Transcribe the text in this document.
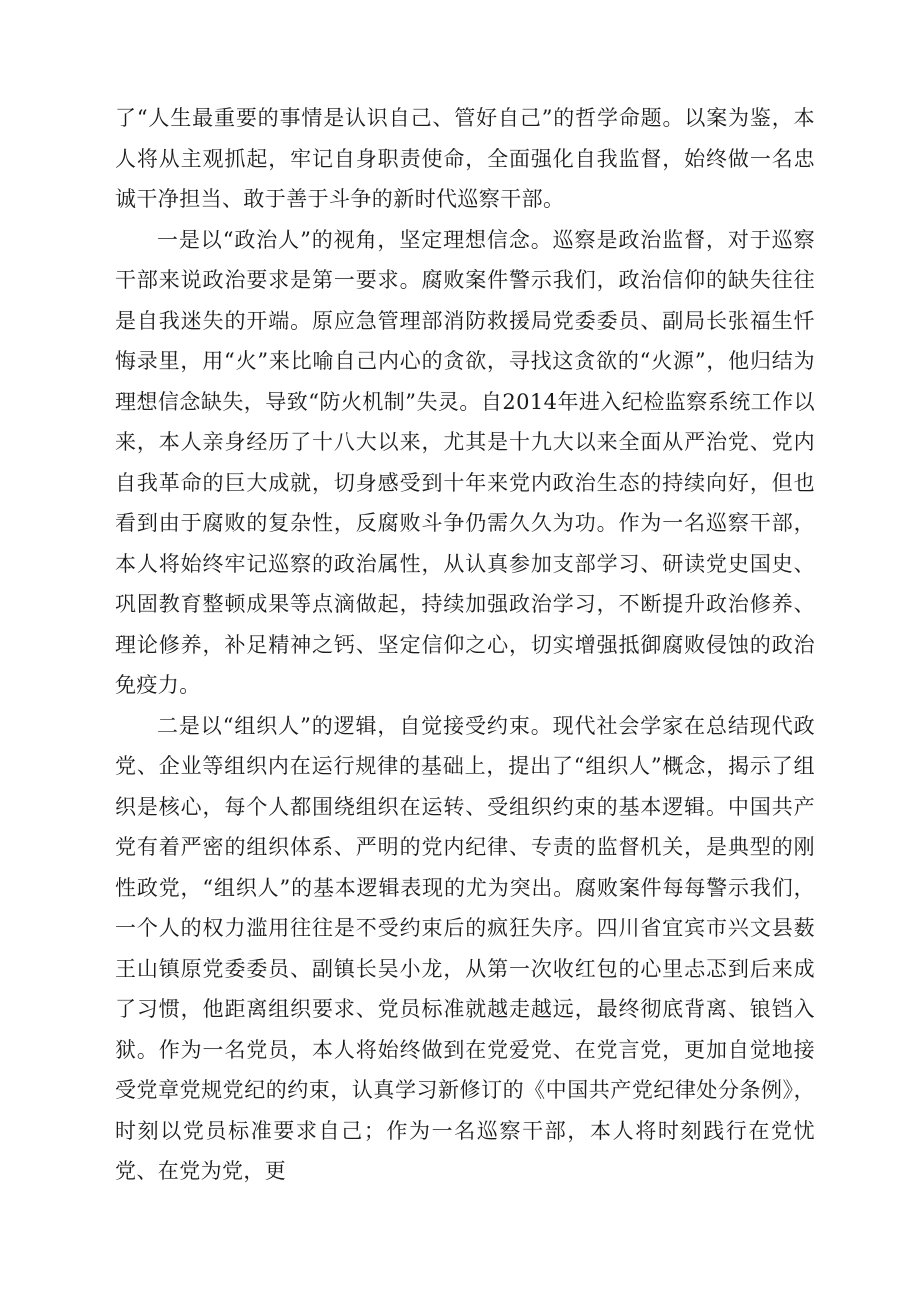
了“人生最重要的事情是认识自己、管好自己”的哲学命题。以案为鉴，本人将从主观抓起，牢记自身职责使命，全面强化自我监督，始终做一名忠诚干净担当、敢于善于斗争的新时代巡察干部。

一是以“政治人”的视角，坚定理想信念。巡察是政治监督，对于巡察干部来说政治要求是第一要求。腐败案件警示我们，政治信仰的缺失往往是自我迷失的开端。原应急管理部消防救援局党委委员、副局长张福生忏悔录里，用“火”来比喻自己内心的贪欲，寻找这贪欲的“火源”，他归结为理想信念缺失，导致“防火机制”失灵。自2014年进入纪检监察系统工作以来，本人亲身经历了十八大以来，尤其是十九大以来全面从严治党、党内自我革命的巨大成就，切身感受到十年来党内政治生态的持续向好，但也看到由于腐败的复杂性，反腐败斗争仍需久久为功。作为一名巡察干部，本人将始终牢记巡察的政治属性，从认真参加支部学习、研读党史国史、巩固教育整顿成果等点滴做起，持续加强政治学习，不断提升政治修养、理论修养，补足精神之钙、坚定信仰之心，切实增强抵御腐败侵蚀的政治免疫力。

二是以“组织人”的逻辑，自觉接受约束。现代社会学家在总结现代政党、企业等组织内在运行规律的基础上，提出了“组织人”概念，揭示了组织是核心，每个人都围绕组织在运转、受组织约束的基本逻辑。中国共产党有着严密的组织体系、严明的党内纪律、专责的监督机关，是典型的刚性政党，“组织人”的基本逻辑表现的尤为突出。腐败案件每每警示我们，一个人的权力滥用往往是不受约束后的疯狂失序。四川省宜宾市兴文县薮王山镇原党委委员、副镇长吴小龙，从第一次收红包的心里忐忑到后来成了习惯，他距离组织要求、党员标准就越走越远，最终彻底背离、锒铛入狱。作为一名党员，本人将始终做到在党爱党、在党言党，更加自觉地接受党章党规党纪的约束，认真学习新修订的《中国共产党纪律处分条例》，时刻以党员标准要求自己；作为一名巡察干部，本人将时刻践行在党忧党、在党为党，更
